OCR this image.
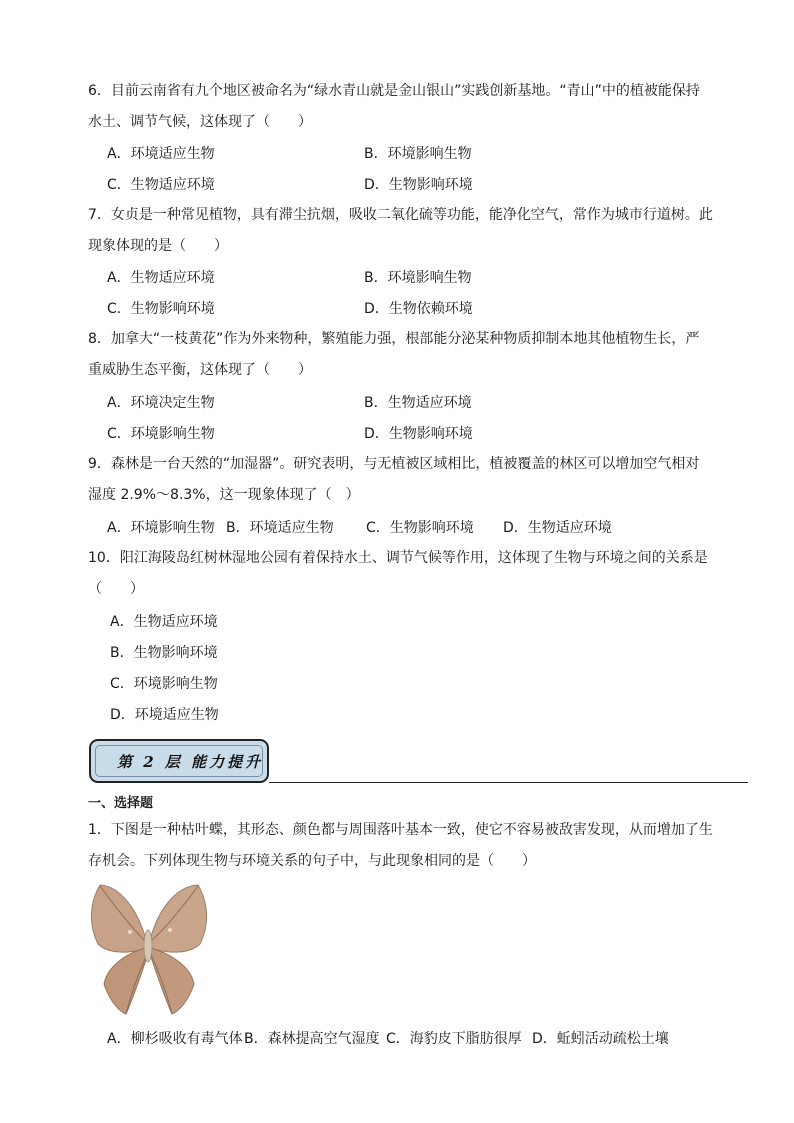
6．目前云南省有九个地区被命名为“绿水青山就是金山银山”实践创新基地。“青山”中的植被能保持水土、调节气候，这体现了（　　）
A．环境适应生物	B．环境影响生物
C．生物适应环境	D．生物影响环境
7．女贞是一种常见植物，具有滞尘抗烟，吸收二氧化硫等功能，能净化空气，常作为城市行道树。此现象体现的是（　　）
A．生物适应环境	B．环境影响生物
C．生物影响环境	D．生物依赖环境
8．加拿大“一枝黄花”作为外来物种，繁殖能力强，根部能分泌某种物质抑制本地其他植物生长，严重威胁生态平衡，这体现了（　　）
A．环境决定生物	B．生物适应环境
C．环境影响生物	D．生物影响环境
9．森林是一台天然的“加湿器”。研究表明，与无植被区域相比，植被覆盖的林区可以增加空气相对湿度 2.9%～8.3%，这一现象体现了（　）
A．环境影响生物 B．环境适应生物 C．生物影响环境 D．生物适应环境
10．阳江海陵岛红树林湿地公园有着保持水土、调节气候等作用，这体现了生物与环境之间的关系是（　　）
A．生物适应环境
B．生物影响环境
C．环境影响生物
D．环境适应生物
第 2 层 能力提升
一、选择题
1．下图是一种枯叶蝶，其形态、颜色都与周围落叶基本一致，使它不容易被敌害发现，从而增加了生存机会。下列体现生物与环境关系的句子中，与此现象相同的是（　　）
A．柳杉吸收有毒气体 B．森林提高空气湿度 C．海豹皮下脂肪很厚 D．蚯蚓活动疏松土壤
